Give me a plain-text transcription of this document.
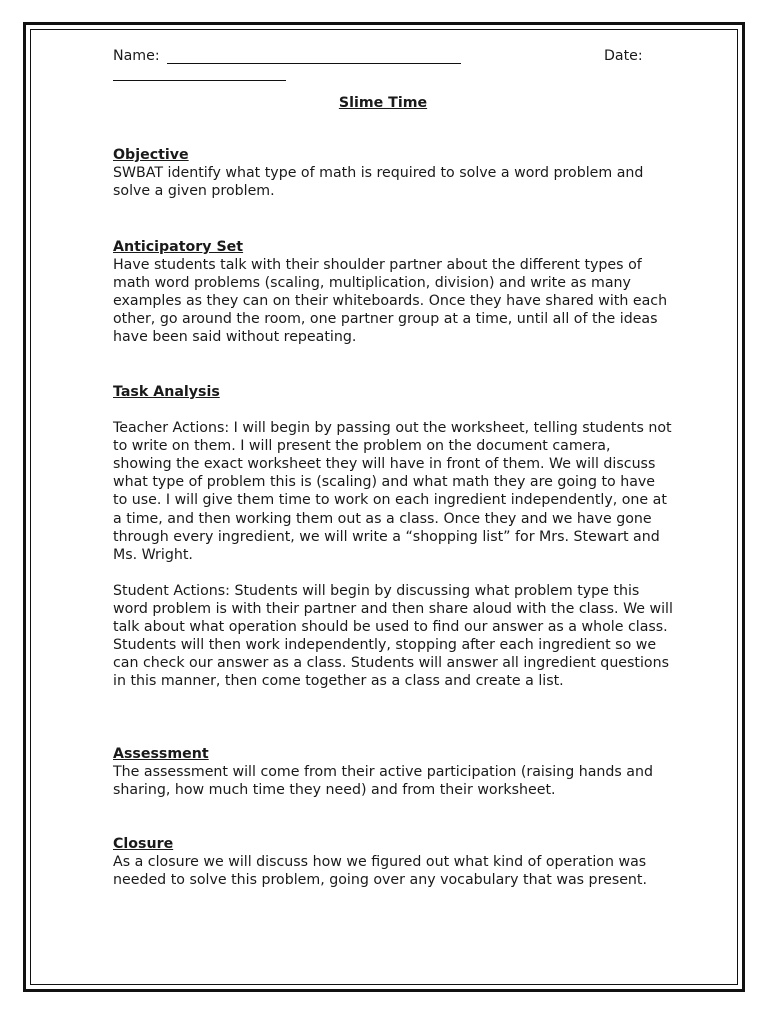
Name:	Date:
Slime Time

Objective

SWBAT identify what type of math is required to solve a word problem and solve a given problem.

Anticipatory Set

Have students talk with their shoulder partner about the different types of math word problems (scaling, multiplication, division) and write as many examples as they can on their whiteboards. Once they have shared with each other, go around the room, one partner group at a time, until all of the ideas have been said without repeating.

Task Analysis

Teacher Actions: I will begin by passing out the worksheet, telling students not to write on them. I will present the problem on the document camera, showing the exact worksheet they will have in front of them. We will discuss what type of problem this is (scaling) and what math they are going to have to use. I will give them time to work on each ingredient independently, one at a time, and then working them out as a class. Once they and we have gone through every ingredient, we will write a “shopping list” for Mrs. Stewart and Ms. Wright.

Student Actions: Students will begin by discussing what problem type this word problem is with their partner and then share aloud with the class. We will talk about what operation should be used to find our answer as a whole class. Students will then work independently, stopping after each ingredient so we can check our answer as a class. Students will answer all ingredient questions in this manner, then come together as a class and create a list.

Assessment

The assessment will come from their active participation (raising hands and sharing, how much time they need) and from their worksheet.

Closure

As a closure we will discuss how we figured out what kind of operation was needed to solve this problem, going over any vocabulary that was present.
